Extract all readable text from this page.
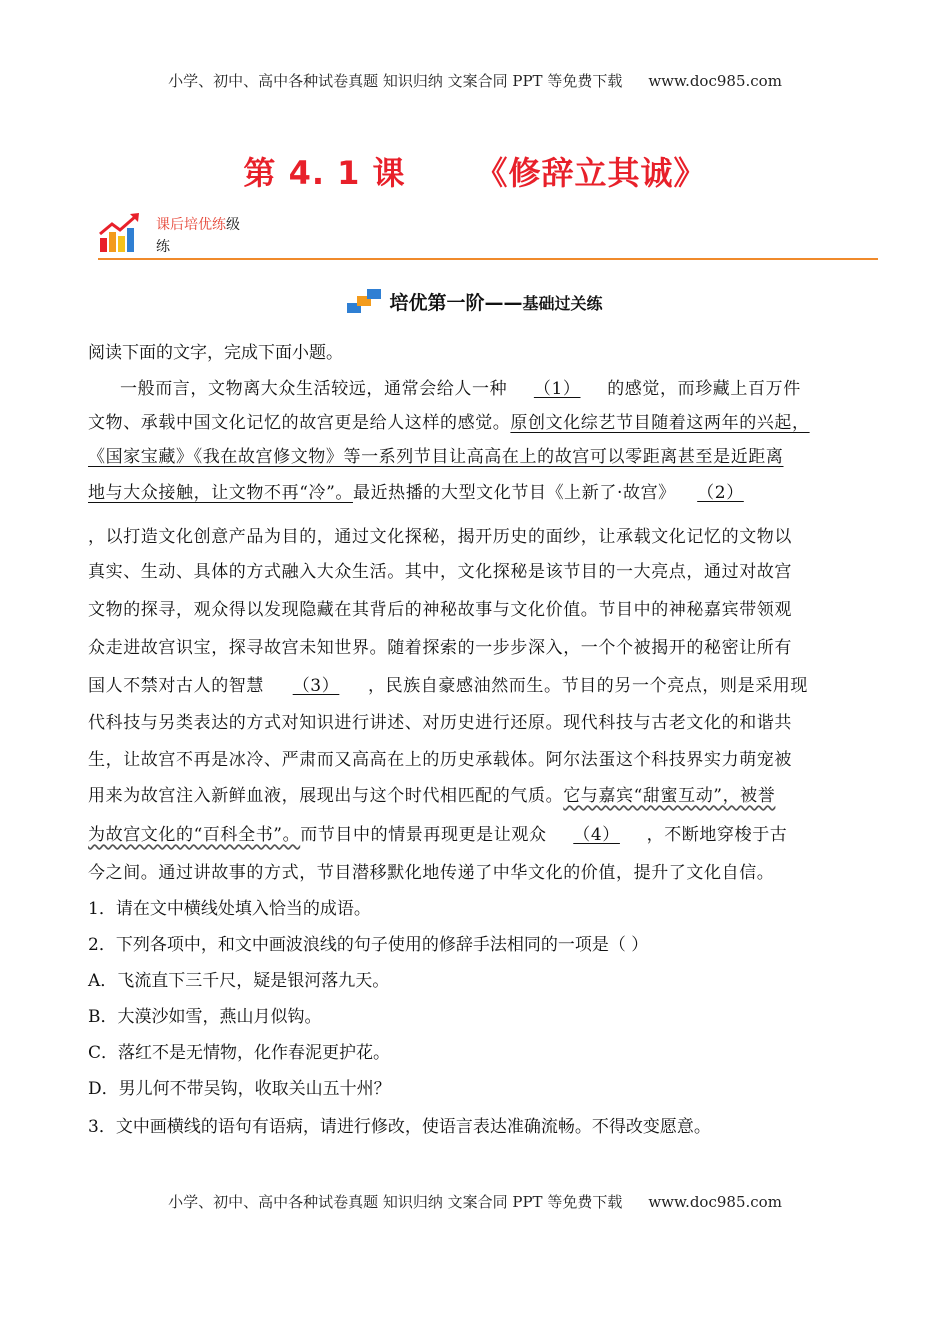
小学、初中、高中各种试卷真题 知识归纳 文案合同 PPT 等免费下载 www.doc985.com
第 4. 1 课 《修辞立其诚》
课后培优练级
练
培优第一阶——基础过关练
阅读下面的文字，完成下面小题。
一般而言，文物离大众生活较远，通常会给人一种 （1） 的感觉，而珍藏上百万件
文物、承载中国文化记忆的故宫更是给人这样的感觉。原创文化综艺节目随着这两年的兴起，
《国家宝藏》《我在故宫修文物》等一系列节目让高高在上的故宫可以零距离甚至是近距离
地与大众接触，让文物不再“冷”。最近热播的大型文化节目《上新了·故宫》 （2）
，以打造文化创意产品为目的，通过文化探秘，揭开历史的面纱，让承载文化记忆的文物以
真实、生动、具体的方式融入大众生活。其中，文化探秘是该节目的一大亮点，通过对故宫
文物的探寻，观众得以发现隐藏在其背后的神秘故事与文化价值。节目中的神秘嘉宾带领观
众走进故宫识宝，探寻故宫未知世界。随着探索的一步步深入，一个个被揭开的秘密让所有
国人不禁对古人的智慧 （3） ，民族自豪感油然而生。节目的另一个亮点，则是采用现
代科技与另类表达的方式对知识进行讲述、对历史进行还原。现代科技与古老文化的和谐共
生，让故宫不再是冰冷、严肃而又高高在上的历史承载体。阿尔法蛋这个科技界实力萌宠被
用来为故宫注入新鲜血液，展现出与这个时代相匹配的气质。它与嘉宾“甜蜜互动”，被誉
为故宫文化的“百科全书”。而节目中的情景再现更是让观众 （4） ，不断地穿梭于古
今之间。通过讲故事的方式，节目潜移默化地传递了中华文化的价值，提升了文化自信。
1．请在文中横线处填入恰当的成语。
2．下列各项中，和文中画波浪线的句子使用的修辞手法相同的一项是（ ）
A．飞流直下三千尺，疑是银河落九天。
B．大漠沙如雪，燕山月似钩。
C．落红不是无情物，化作春泥更护花。
D．男儿何不带吴钩，收取关山五十州？
3．文中画横线的语句有语病，请进行修改，使语言表达准确流畅。不得改变愿意。
小学、初中、高中各种试卷真题 知识归纳 文案合同 PPT 等免费下载 www.doc985.com
